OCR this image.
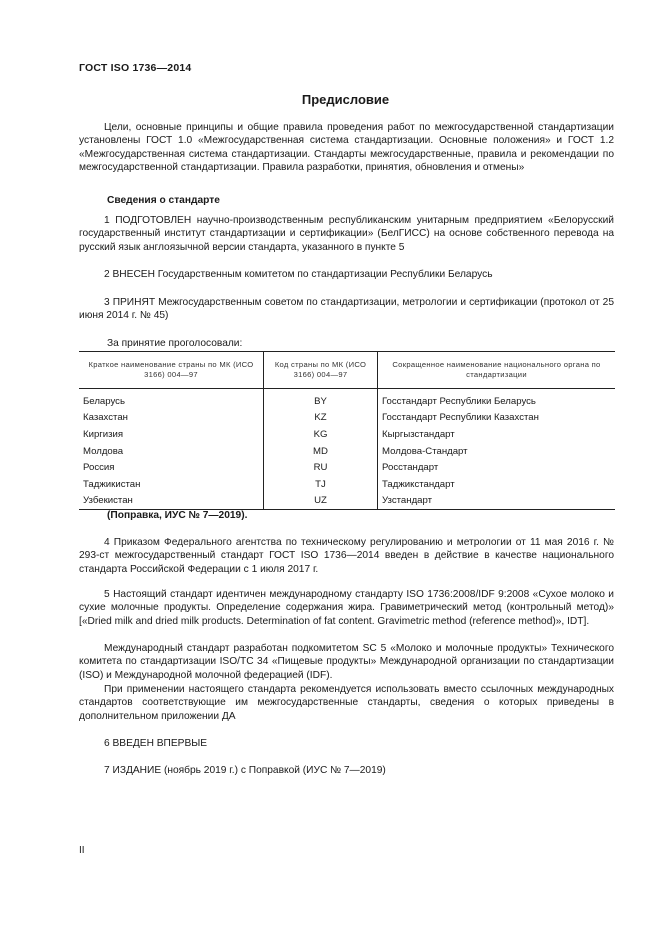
ГОСТ ISO 1736—2014
Предисловие
Цели, основные принципы и общие правила проведения работ по межгосударственной стандартизации установлены ГОСТ 1.0 «Межгосударственная система стандартизации. Основные положения» и ГОСТ 1.2 «Межгосударственная система стандартизации. Стандарты межгосударственные, правила и рекомендации по межгосударственной стандартизации. Правила разработки, принятия, обновления и отмены»
Сведения о стандарте
1 ПОДГОТОВЛЕН научно-производственным республиканским унитарным предприятием «Белорусский государственный институт стандартизации и сертификации» (БелГИСС) на основе собственного перевода на русский язык англоязычной версии стандарта, указанного в пункте 5
2 ВНЕСЕН Государственным комитетом по стандартизации Республики Беларусь
3 ПРИНЯТ Межгосударственным советом по стандартизации, метрологии и сертификации (протокол от 25 июня 2014 г. № 45)
За принятие проголосовали:
Краткое наименование страны по МК (ИСО 3166) 004—97	Код страны по МК (ИСО 3166) 004—97	Сокращенное наименование национального органа по стандартизации
Беларусь	BY	Госстандарт Республики Беларусь
Казахстан	KZ	Госстандарт Республики Казахстан
Киргизия	KG	Кыргызстандарт
Молдова	MD	Молдова-Стандарт
Россия	RU	Росстандарт
Таджикистан	TJ	Таджикстандарт
Узбекистан	UZ	Узстандарт
(Поправка, ИУС № 7—2019).
4 Приказом Федерального агентства по техническому регулированию и метрологии от 11 мая 2016 г. № 293-ст межгосударственный стандарт ГОСТ ISO 1736—2014 введен в действие в качестве национального стандарта Российской Федерации с 1 июля 2017 г.
5 Настоящий стандарт идентичен международному стандарту ISO 1736:2008/IDF 9:2008 «Сухое молоко и сухие молочные продукты. Определение содержания жира. Гравиметрический метод (контрольный метод)» [«Dried milk and dried milk products. Determination of fat content. Gravimetric method (reference method)», IDT].
Международный стандарт разработан подкомитетом SC 5 «Молоко и молочные продукты» Технического комитета по стандартизации ISO/TC 34 «Пищевые продукты» Международной организации по стандартизации (ISO) и Международной молочной федерацией (IDF).
При применении настоящего стандарта рекомендуется использовать вместо ссылочных международных стандартов соответствующие им межгосударственные стандарты, сведения о которых приведены в дополнительном приложении ДА
6 ВВЕДЕН ВПЕРВЫЕ
7 ИЗДАНИЕ (ноябрь 2019 г.) с Поправкой (ИУС № 7—2019)
II
